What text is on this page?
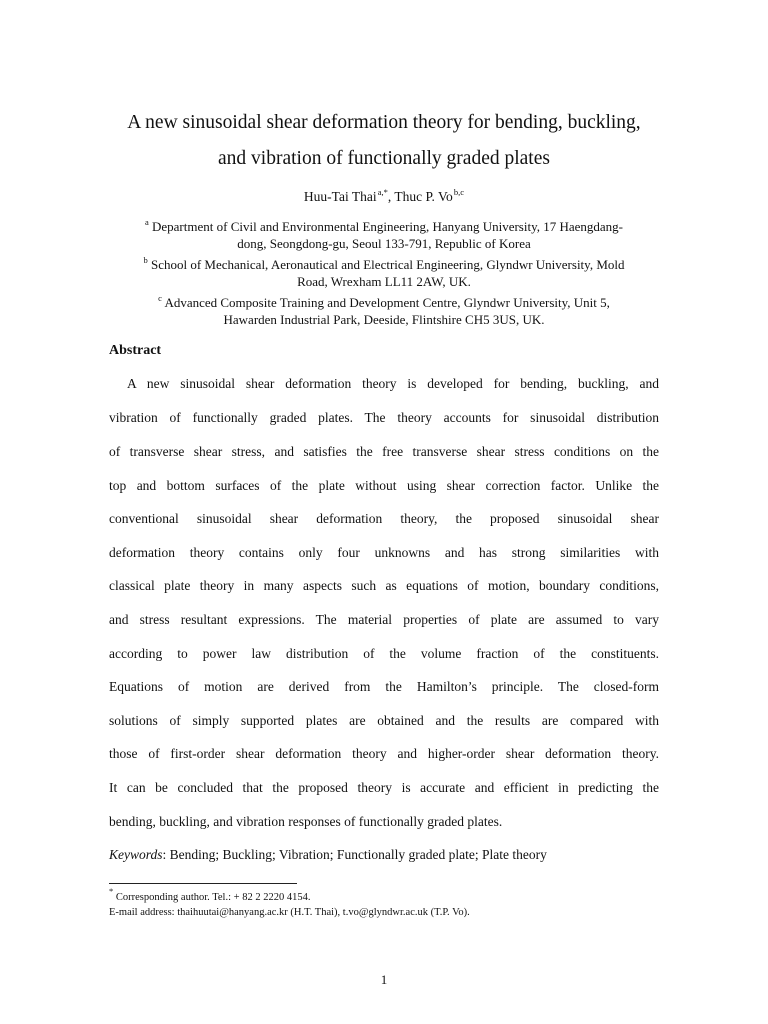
A new sinusoidal shear deformation theory for bending, buckling,
and vibration of functionally graded plates
Huu-Tai Thai $^{a,*}$, Thuc P. Vo $^{b,c}$
$^a$ Department of Civil and Environmental Engineering, Hanyang University, 17 Haengdang-
dong, Seongdong-gu, Seoul 133-791, Republic of Korea
$^b$ School of Mechanical, Aeronautical and Electrical Engineering, Glyndwr University, Mold
Road, Wrexham LL11 2AW, UK.
$^c$ Advanced Composite Training and Development Centre, Glyndwr University, Unit 5,
Hawarden Industrial Park, Deeside, Flintshire CH5 3US, UK.
Abstract
A new sinusoidal shear deformation theory is developed for bending, buckling, and
vibration of functionally graded plates. The theory accounts for sinusoidal distribution
of transverse shear stress, and satisfies the free transverse shear stress conditions on the
top and bottom surfaces of the plate without using shear correction factor. Unlike the
conventional sinusoidal shear deformation theory, the proposed sinusoidal shear
deformation theory contains only four unknowns and has strong similarities with
classical plate theory in many aspects such as equations of motion, boundary conditions,
and stress resultant expressions. The material properties of plate are assumed to vary
according to power law distribution of the volume fraction of the constituents.
Equations of motion are derived from the Hamilton’s principle. The closed-form
solutions of simply supported plates are obtained and the results are compared with
those of first-order shear deformation theory and higher-order shear deformation theory.
It can be concluded that the proposed theory is accurate and efficient in predicting the
bending, buckling, and vibration responses of functionally graded plates.
Keywords: Bending; Buckling; Vibration; Functionally graded plate; Plate theory
* Corresponding author. Tel.: + 82 2 2220 4154.
E-mail address: thaihuutai@hanyang.ac.kr (H.T. Thai), t.vo@glyndwr.ac.uk (T.P. Vo).
1
